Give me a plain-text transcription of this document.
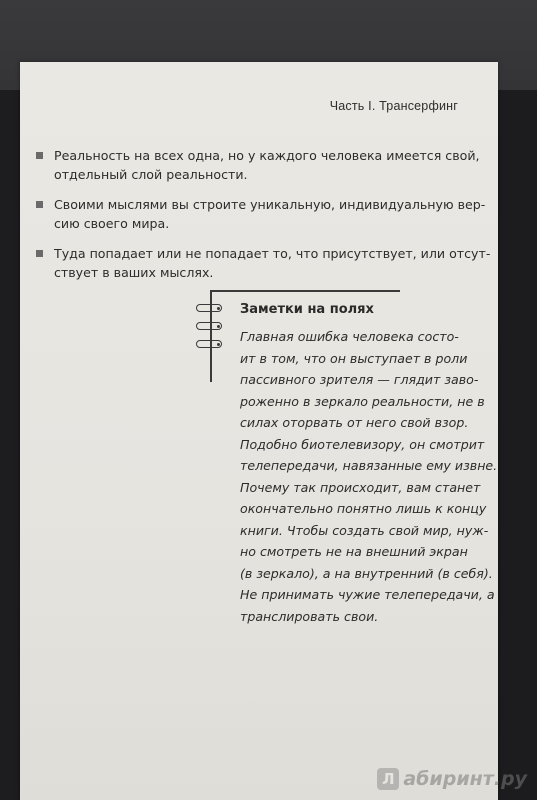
Часть I. Трансерфинг
Реальность на всех одна, но у каждого человека имеется свой,
отдельный слой реальности.
Своими мыслями вы строите уникальную, индивидуальную вер-
сию своего мира.
Туда попадает или не попадает то, что присутствует, или отсут-
ствует в ваших мыслях.
Заметки на полях
Главная ошибка человека состо-
ит в том, что он выступает в роли
пассивного зрителя — глядит заво-
роженно в зеркало реальности, не в
силах оторвать от него свой взор.
Подобно биотелевизору, он смотрит
телепередачи, навязанные ему извне.
Почему так происходит, вам станет
окончательно понятно лишь к концу
книги. Чтобы создать свой мир, нуж-
но смотреть не на внешний экран
(в зеркало), а на внутренний (в себя).
Не принимать чужие телепередачи, а
транслировать свои.
Л абиринт.ру
